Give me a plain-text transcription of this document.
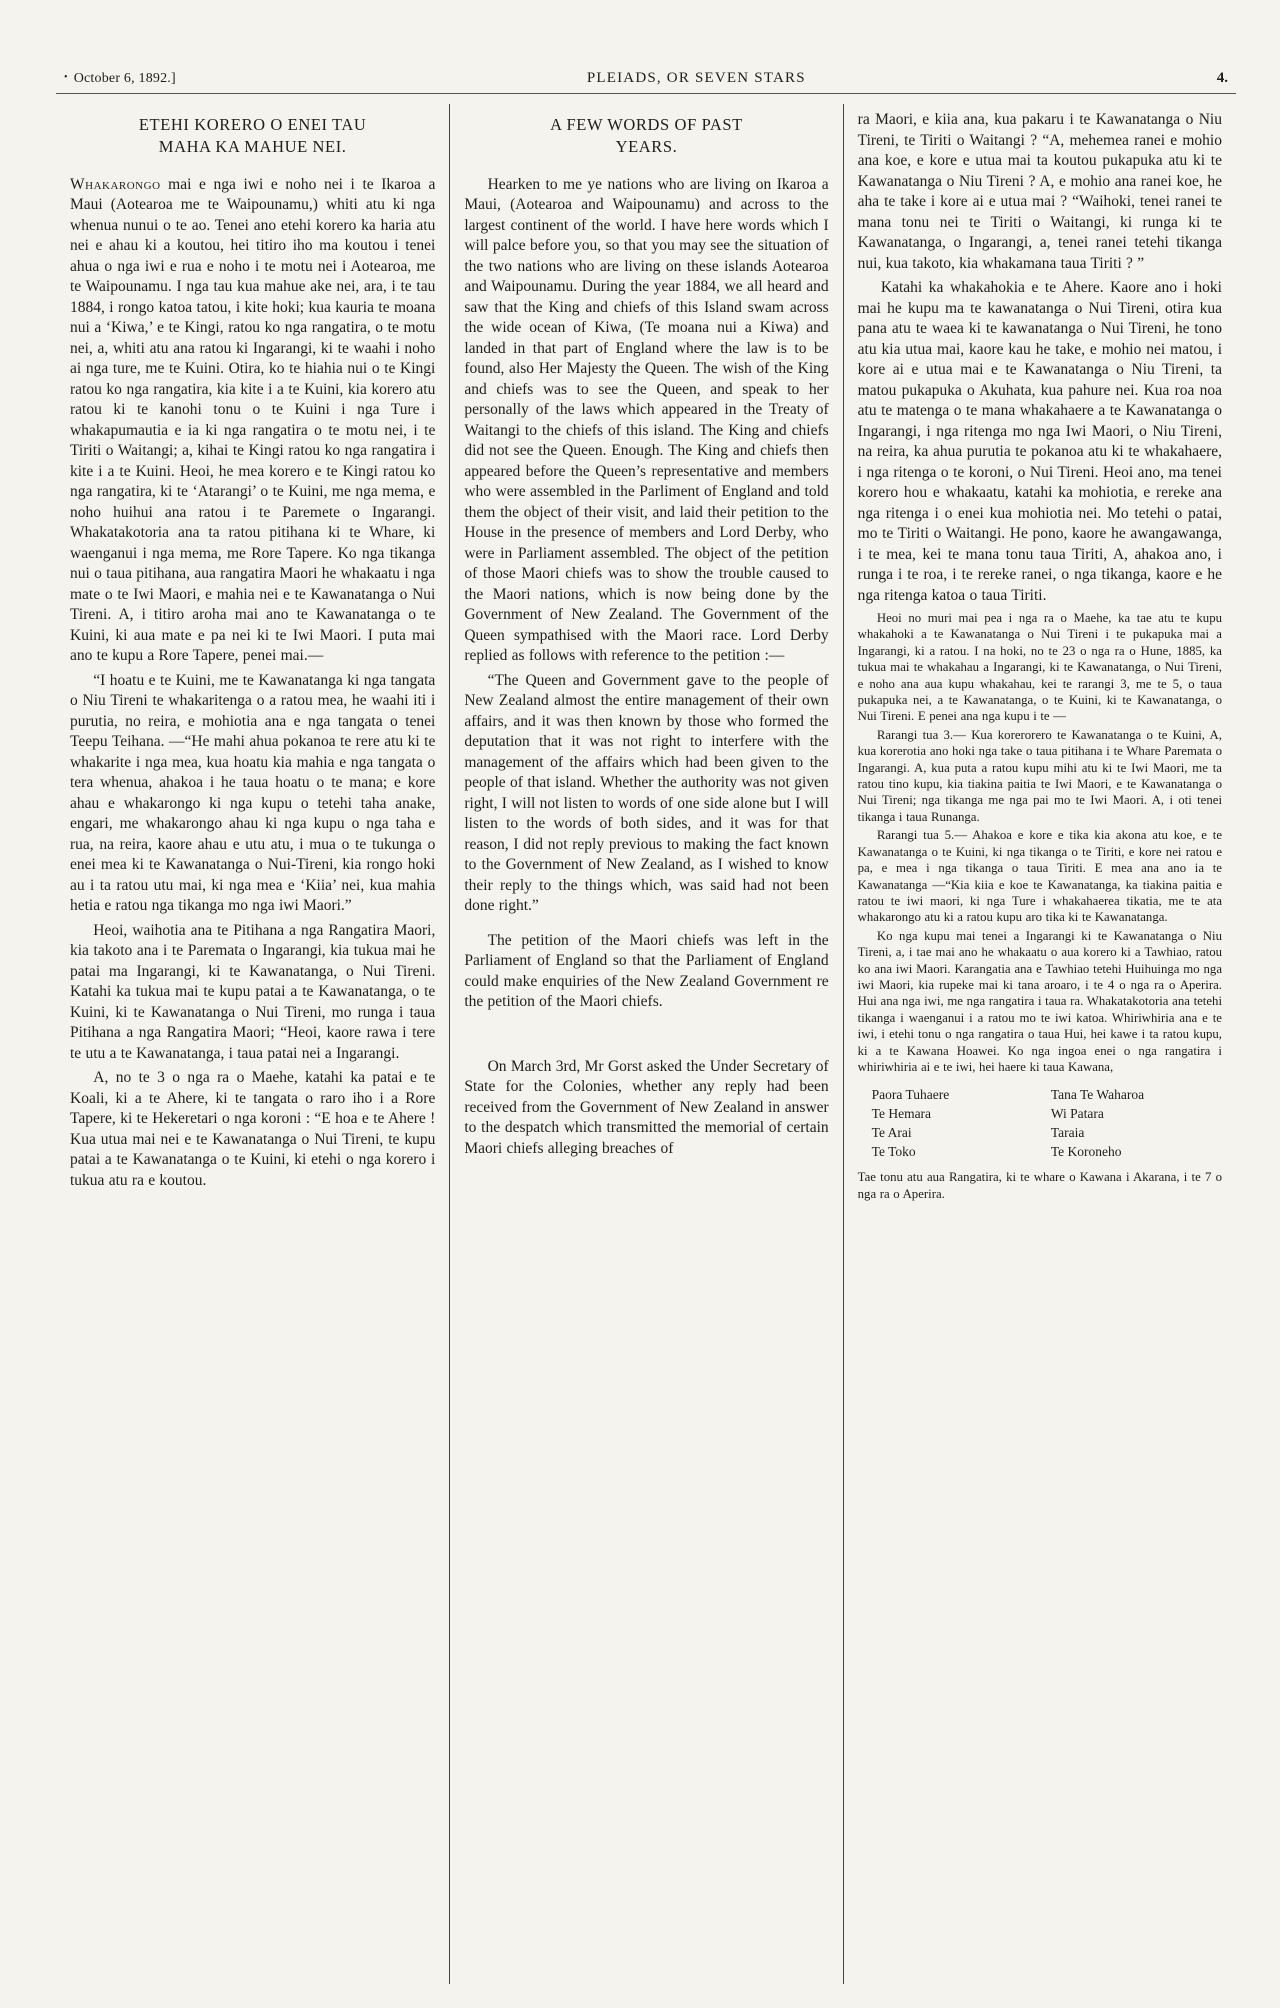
• October 6, 1892.]	PLEIADS, OR SEVEN STARS	4.
ETEHI KORERO O ENEI TAU MAHA KA MAHUE NEI.

Whakarongo mai e nga iwi e noho nei i te Ikaroa a Maui (Aotearoa me te Waipounamu,) whiti atu ki nga whenua nunui o te ao. Tenei ano etehi korero ka haria atu nei e ahau ki a koutou, hei titiro iho ma koutou i tenei ahua o nga iwi e rua e noho i te motu nei i Aotearoa, me te Waipounamu. I nga tau kua mahue ake nei, ara, i te tau 1884, i rongo katoa tatou, i kite hoki; kua kauria te moana nui a ‘Kiwa,’ e te Kingi, ratou ko nga rangatira, o te motu nei, a, whiti atu ana ratou ki Ingarangi, ki te waahi i noho ai nga ture, me te Kuini. Otira, ko te hiahia nui o te Kingi ratou ko nga rangatira, kia kite i a te Kuini, kia korero atu ratou ki te kanohi tonu o te Kuini i nga Ture i whakapumautia e ia ki nga rangatira o te motu nei, i te Tiriti o Waitangi; a, kihai te Kingi ratou ko nga rangatira i kite i a te Kuini. Heoi, he mea korero e te Kingi ratou ko nga rangatira, ki te ‘Atarangi’ o te Kuini, me nga mema, e noho huihui ana ratou i te Paremete o Ingarangi. Whakatakotoria ana ta ratou pitihana ki te Whare, ki waenganui i nga mema, me Rore Tapere. Ko nga tikanga nui o taua pitihana, aua rangatira Maori he whakaatu i nga mate o te Iwi Maori, e mahia nei e te Kawanatanga o Nui Tireni. A, i titiro aroha mai ano te Kawanatanga o te Kuini, ki aua mate e pa nei ki te Iwi Maori. I puta mai ano te kupu a Rore Tapere, penei mai.—

“I hoatu e te Kuini, me te Kawanatanga ki nga tangata o Niu Tireni te whakaritenga o a ratou mea, he waahi iti i purutia, no reira, e mohiotia ana e nga tangata o tenei Teepu Teihana. —“He mahi ahua pokanoa te rere atu ki te whakarite i nga mea, kua hoatu kia mahia e nga tangata o tera whenua, ahakoa i he taua hoatu o te mana; e kore ahau e whakarongo ki nga kupu o tetehi taha anake, engari, me whakarongo ahau ki nga kupu o nga taha e rua, na reira, kaore ahau e utu atu, i mua o te tukunga o enei mea ki te Kawanatanga o Nui-Tireni, kia rongo hoki au i ta ratou utu mai, ki nga mea e ‘Kiia’ nei, kua mahia hetia e ratou nga tikanga mo nga iwi Maori.”

Heoi, waihotia ana te Pitihana a nga Rangatira Maori, kia takoto ana i te Paremata o Ingarangi, kia tukua mai he patai ma Ingarangi, ki te Kawanatanga, o Nui Tireni. Katahi ka tukua mai te kupu patai a te Kawanatanga, o te Kuini, ki te Kawanatanga o Nui Tireni, mo runga i taua Pitihana a nga Rangatira Maori; “Heoi, kaore rawa i tere te utu a te Kawanatanga, i taua patai nei a Ingarangi.

A, no te 3 o nga ra o Maehe, katahi ka patai e te Koali, ki a te Ahere, ki te tangata o raro iho i a Rore Tapere, ki te Hekeretari o nga koroni : “E hoa e te Ahere ! Kua utua mai nei e te Kawanatanga o Nui Tireni, te kupu patai a te Kawanatanga o te Kuini, ki etehi o nga korero i tukua atu ra e koutou.

A FEW WORDS OF PAST YEARS.

Hearken to me ye nations who are living on Ikaroa a Maui, (Aotearoa and Waipounamu) and across to the largest continent of the world. I have here words which I will palce before you, so that you may see the situation of the two nations who are living on these islands Aotearoa and Waipounamu. During the year 1884, we all heard and saw that the King and chiefs of this Island swam across the wide ocean of Kiwa, (Te moana nui a Kiwa) and landed in that part of England where the law is to be found, also Her Majesty the Queen. The wish of the King and chiefs was to see the Queen, and speak to her personally of the laws which appeared in the Treaty of Waitangi to the chiefs of this island. The King and chiefs did not see the Queen. Enough. The King and chiefs then appeared before the Queen’s representative and members who were assembled in the Parliment of England and told them the object of their visit, and laid their petition to the House in the presence of members and Lord Derby, who were in Parliament assembled. The object of the petition of those Maori chiefs was to show the trouble caused to the Maori nations, which is now being done by the Government of New Zealand. The Government of the Queen sympathised with the Maori race. Lord Derby replied as follows with reference to the petition :—

“The Queen and Government gave to the people of New Zealand almost the entire management of their own affairs, and it was then known by those who formed the deputation that it was not right to interfere with the management of the affairs which had been given to the people of that island. Whether the authority was not given right, I will not listen to words of one side alone but I will listen to the words of both sides, and it was for that reason, I did not reply previous to making the fact known to the Government of New Zealand, as I wished to know their reply to the things which, was said had not been done right.”

The petition of the Maori chiefs was left in the Parliament of England so that the Parliament of England could make enquiries of the New Zealand Government re the petition of the Maori chiefs.

On March 3rd, Mr Gorst asked the Under Secretary of State for the Colonies, whether any reply had been received from the Government of New Zealand in answer to the despatch which transmitted the memorial of certain Maori chiefs alleging breaches of

ra Maori, e kiia ana, kua pakaru i te Kawanatanga o Niu Tireni, te Tiriti o Waitangi ? “A, mehemea ranei e mohio ana koe, e kore e utua mai ta koutou pukapuka atu ki te Kawanatanga o Niu Tireni ? A, e mohio ana ranei koe, he aha te take i kore ai e utua mai ? “Waihoki, tenei ranei te mana tonu nei te Tiriti o Waitangi, ki runga ki te Kawanatanga, o Ingarangi, a, tenei ranei tetehi tikanga nui, kua takoto, kia whakamana taua Tiriti ? ”

Katahi ka whakahokia e te Ahere. Kaore ano i hoki mai he kupu ma te kawanatanga o Nui Tireni, otira kua pana atu te waea ki te kawanatanga o Nui Tireni, he tono atu kia utua mai, kaore kau he take, e mohio nei matou, i kore ai e utua mai e te Kawanatanga o Niu Tireni, ta matou pukapuka o Akuhata, kua pahure nei. Kua roa noa atu te matenga o te mana whakahaere a te Kawanatanga o Ingarangi, i nga ritenga mo nga Iwi Maori, o Niu Tireni, na reira, ka ahua purutia te pokanoa atu ki te whakahaere, i nga ritenga o te koroni, o Nui Tireni. Heoi ano, ma tenei korero hou e whakaatu, katahi ka mohiotia, e rereke ana nga ritenga i o enei kua mohiotia nei. Mo tetehi o patai, mo te Tiriti o Waitangi. He pono, kaore he awangawanga, i te mea, kei te mana tonu taua Tiriti, A, ahakoa ano, i runga i te roa, i te rereke ranei, o nga tikanga, kaore e he nga ritenga katoa o taua Tiriti.

Heoi no muri mai pea i nga ra o Maehe, ka tae atu te kupu whakahoki a te Kawanatanga o Nui Tireni i te pukapuka mai a Ingarangi, ki a ratou. I na hoki, no te 23 o nga ra o Hune, 1885, ka tukua mai te whakahau a Ingarangi, ki te Kawanatanga, o Nui Tireni, e noho ana aua kupu whakahau, kei te rarangi 3, me te 5, o taua pukapuka nei, a te Kawanatanga, o te Kuini, ki te Kawanatanga, o Nui Tireni. E penei ana nga kupu i te —

Rarangi tua 3.— Kua korerorero te Kawanatanga o te Kuini, A, kua korerotia ano hoki nga take o taua pitihana i te Whare Paremata o Ingarangi. A, kua puta a ratou kupu mihi atu ki te Iwi Maori, me ta ratou tino kupu, kia tiakina paitia te Iwi Maori, e te Kawanatanga o Nui Tireni; nga tikanga me nga pai mo te Iwi Maori. A, i oti tenei tikanga i taua Runanga.

Rarangi tua 5.— Ahakoa e kore e tika kia akona atu koe, e te Kawanatanga o te Kuini, ki nga tikanga o te Tiriti, e kore nei ratou e pa, e mea i nga tikanga o taua Tiriti. E mea ana ano ia te Kawanatanga —“Kia kiia e koe te Kawanatanga, ka tiakina paitia e ratou te iwi maori, ki nga Ture i whakahaerea tikatia, me te ata whakarongo atu ki a ratou kupu aro tika ki te Kawanatanga.

Ko nga kupu mai tenei a Ingarangi ki te Kawanatanga o Niu Tireni, a, i tae mai ano he whakaatu o aua korero ki a Tawhiao, ratou ko ana iwi Maori. Karangatia ana e Tawhiao tetehi Huihuinga mo nga iwi Maori, kia rupeke mai ki tana aroaro, i te 4 o nga ra o Aperira. Hui ana nga iwi, me nga rangatira i taua ra. Whakatakotoria ana tetehi tikanga i waenganui i a ratou mo te iwi katoa. Whiriwhiria ana e te iwi, i etehi tonu o nga rangatira o taua Hui, hei kawe i ta ratou kupu, ki a te Kawana Hoawei. Ko nga ingoa enei o nga rangatira i whiriwhiria ai e te iwi, hei haere ki taua Kawana,

Paora Tuhaere	Tana Te Waharoa
Te Hemara	Wi Patara
Te Arai	Taraia
Te Toko	Te Koroneho

Tae tonu atu aua Rangatira, ki te whare o Kawana i Akarana, i te 7 o nga ra o Aperira.
